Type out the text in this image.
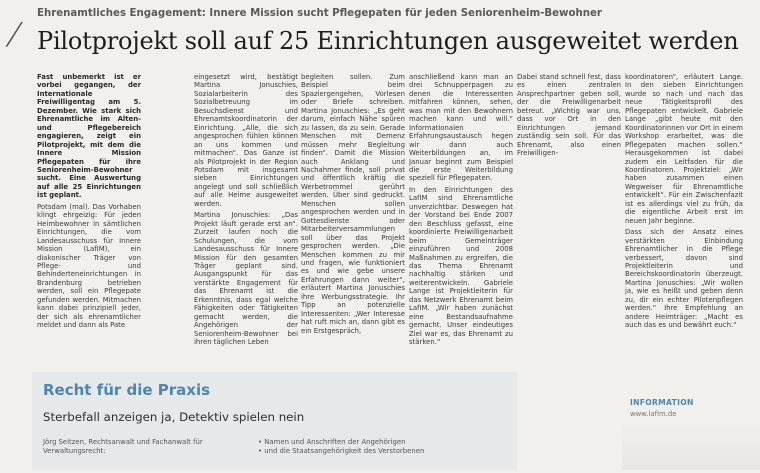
⟋
Ehrenamtliches Engagement: Innere Mission sucht Pflegepaten für jeden Seniorenheim-Bewohner
Pilotprojekt soll auf 25 Einrichtungen ausgeweitet werden

Fast unbemerkt ist er vorbei gegangen, der Internationale Freiwilligentag am 5. Dezember. Wie stark sich Ehrenamtliche im Alten- und Pflegebereich engagieren, zeigt ein Pilotprojekt, mit dem die Innere Mission Pflegepaten für ihre Seniorenheim-Bewohner sucht. Eine Auswertung auf alle 25 Einrichtungen ist geplant.

Potsdam (mal). Das Vorhaben klingt ehrgeizig: Für jeden Heimbewohner in sämtlichen Einrichtungen, die vom Landesausschuss für Innere Mission (LafIM), ein diakonischer Träger von Pflege- und Behinderteneinrichtungen in Brandenburg betrieben werden, soll ein Pflegepate gefunden werden. Mitmachen kann dabei prinzipiell jeder, der sich als ehrenamtlicher meldet und dann als Pate

eingesetzt wird, bestätigt Martina Jonuschies, Sozialarbeiterin des Sozialbetreuung im Besuchsdienst und Ehrenamtskoordinatorin der Einrichtung. „Alle, die sich angesprochen fühlen können an uns kommen und mitmachen“. Das Ganze ist als Pilotprojekt in der Region Potsdam mit insgesamt sieben Einrichtungen angelegt und soll schließlich auf alle Heime ausgeweitet werden.

Martina Jonuschies: „Das Projekt läuft gerade erst an“. Zurzeit laufen noch die Schulungen, die vom Landesausschuss für Innere Mission für den gesamten Träger geplant sind. Ausgangspunkt für das verstärkte Engagement für das Ehrenamt ist die Erkenntnis, dass egal welche Fähigkeiten oder Tätigkeiten gemacht werden, die Angehörigen der Seniorenheim-Bewohner bei ihren täglichen Leben

begleiten sollen. Zum Beispiel beim Spaziergengehen, Vorlesen oder Briefe schreiben. Martina Jonuschies: „Es geht darum, einfach Nähe spüren zu lassen, da zu sein. Gerade Menschen mit Demenz müssen mehr Begleitung finden“. Damit die Mission auch Anklang und Nachahmer finde, soll privat und öffentlich kräftig die Werbetrommel gerührt werden. Über sind gedruckt. Menschen sollen angesprochen werden und in Gottesdienste oder Mitarbeiterversammlungen soll über das Projekt gesprochen werden. „Die Menschen kommen zu mir und fragen, wie funktioniert es und wie gebe unsere Erfahrungen dann weiter“, erläutert Martina Jonuschies ihre Werbungsstrategie. Ihr Tipp an potenzielle Interessenten: „Wer Interesse hat ruft mich an, dann gibt es ein Erstgespräch,

anschließend kann man an drei Schnupperpagen zu denen die Interessenten mitfahren können, sehen, was man mit den Bewohnern machen kann und will.“ Informationalen Erfahrungsaustausch hegen wir dann auch Weiterbildungen an, im Januar beginnt zum Beispiel die erste Weiterbildung speziell für Pflegepaten.

In den Einrichtungen des LafIM sind Ehrenamtliche unverzichtbar. Deswegen hat der Vorstand bei Ende 2007 den Beschluss gefasst, eine koordinierte Freiwilligenarbeit beim Gemeinträger einzuführen und 2008 Maßnahmen zu ergreifen, die das Thema Ehrenamt nachhaltig stärken und weiterentwickeln. Gabriele Lange ist Projektleiterin für das Netzwerk Ehrenamt beim LafIM. „Wir haben zunächst eine Bestandsaufnahme gemacht. Unser eindeutiges Ziel war es, das Ehrenamt zu stärken.“

Dabei stand schnell fest, dass es einen zentralen Ansprechpartner geben soll, der die Freiwilligenarbeit betreut. „Wichtig war uns, dass vor Ort in den Einrichtungen jemand zuständig sein soll. Für das Ehrenamt, also einen Freiwilligen-

koordinatoren“, erläutert Lange. In den sieben Einrichtungen wurde so nach und nach das neue Tätigkeitsprofil des Pflegepaten entwickelt. Gabriele Lange „gibt heute mit den Koordinatorinnen vor Ort in einem Workshop erarbeitet, was die Pflegepaten machen sollen.“ Herausgekommen ist dabei zudem ein Leitfaden für die Koordinatoren. Projektziel: „Wir haben zusammen einen Wegweiser für Ehrenamtliche entwickelt“. Für ein Zwischenfazit ist es allerdings viel zu früh, da die eigentliche Arbeit erst im neuen Jahr beginne.

Dass sich der Ansatz eines verstärkten Einbindung Ehrenamtlicher in die Pflege verbessert, davon sind Projektleiterin und Bereichskoordinatorin überzeugt. Martina Jonuschies: „Wir wollen ja, wie es heißt und geben denn zu, dir ein echter Pilotenpflegen werden.“ Ihre Empfehlung an andere Heimträger: „Macht es auch das es und bewährt euch.“

Recht für die Praxis
Sterbefall anzeigen ja, Detektiv spielen nein
Jörg Seitzen, Rechtsanwalt und Fachanwalt für
Verwaltungsrecht:
• Namen und Anschriften der Angehörigen
• und die Staatsangehörigkeit des Verstorbenen
INFORMATION
www.lafim.de
